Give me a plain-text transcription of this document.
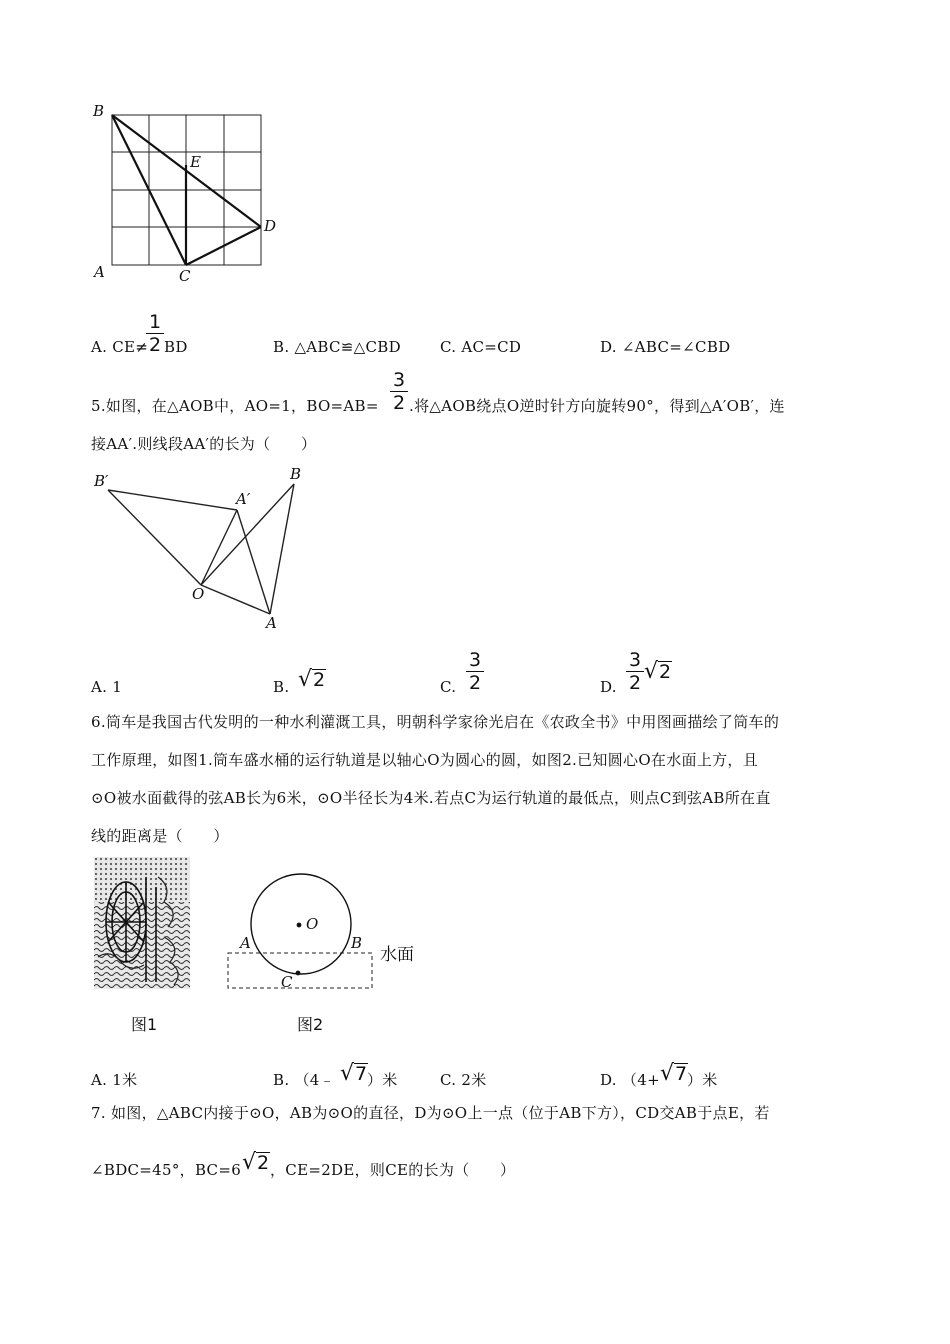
B
E
D
A	C
A. CE≠
1
2 BD	B. △ABC≌△CBD	C. AC=CD	D. ∠ABC=∠CBD
5.如图，在△AOB中，AO=1，BO=AB=
3
2 .将△AOB绕点O逆时针方向旋转90°，得到△A′OB′，连
接AA′.则线段AA′的长为（　　）
B′
A′
B
O
A
A. 1	B. √2	C.
3
2	D.
3
2 √2
6.筒车是我国古代发明的一种水利灌溉工具，明朝科学家徐光启在《农政全书》中用图画描绘了筒车的
工作原理，如图1.筒车盛水桶的运行轨道是以轴心O为圆心的圆，如图2.已知圆心O在水面上方，且
⊙O被水面截得的弦AB长为6米，⊙O半径长为4米.若点C为运行轨道的最低点，则点C到弦AB所在直
线的距离是（　　）
图1
O
A	B
C
水面
图2
A. 1米	B. （4﹣ √7 ）米	C. 2米	D. （4+ √7 ）米
7. 如图，△ABC内接于⊙O，AB为⊙O的直径，D为⊙O上一点（位于AB下方），CD交AB于点E，若
∠BDC=45°，BC=6 √2 ，CE=2DE，则CE的长为（　　）
